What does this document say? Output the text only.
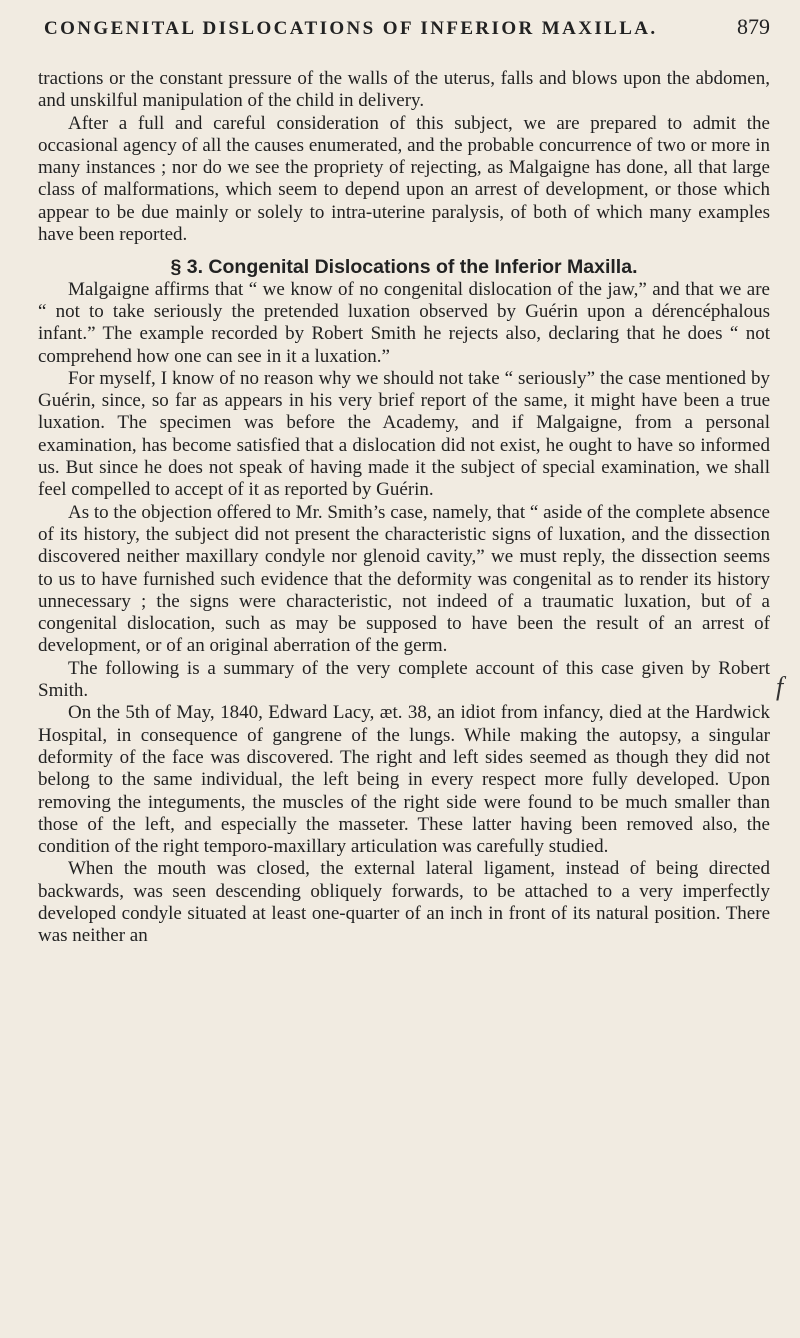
CONGENITAL DISLOCATIONS OF INFERIOR MAXILLA.	879

tractions or the constant pressure of the walls of the uterus, falls and blows upon the abdomen, and unskilful manipulation of the child in delivery.

After a full and careful consideration of this subject, we are prepared to admit the occasional agency of all the causes enumerated, and the probable concurrence of two or more in many instances ; nor do we see the propriety of rejecting, as Malgaigne has done, all that large class of malformations, which seem to depend upon an arrest of development, or those which appear to be due mainly or solely to intra-uterine paralysis, of both of which many examples have been reported.

§ 3. Congenital Dislocations of the Inferior Maxilla.

Malgaigne affirms that “ we know of no congenital dislocation of the jaw,” and that we are “ not to take seriously the pretended luxation observed by Guérin upon a dérencéphalous infant.” The example recorded by Robert Smith he rejects also, declaring that he does “ not comprehend how one can see in it a luxation.”

For myself, I know of no reason why we should not take “ seriously” the case mentioned by Guérin, since, so far as appears in his very brief report of the same, it might have been a true luxation. The specimen was before the Academy, and if Malgaigne, from a personal examination, has become satisfied that a dislocation did not exist, he ought to have so informed us. But since he does not speak of having made it the subject of special examination, we shall feel compelled to accept of it as reported by Guérin.

As to the objection offered to Mr. Smith’s case, namely, that “ aside of the complete absence of its history, the subject did not present the characteristic signs of luxation, and the dissection discovered neither maxillary condyle nor glenoid cavity,” we must reply, the dissection seems to us to have furnished such evidence that the deformity was congenital as to render its history unnecessary ; the signs were characteristic, not indeed of a traumatic luxation, but of a congenital dislocation, such as may be supposed to have been the result of an arrest of development, or of an original aberration of the germ.

The following is a summary of the very complete account of this case given by Robert Smith.

On the 5th of May, 1840, Edward Lacy, æt. 38, an idiot from infancy, died at the Hardwick Hospital, in consequence of gangrene of the lungs. While making the autopsy, a singular deformity of the face was discovered. The right and left sides seemed as though they did not belong to the same individual, the left being in every respect more fully developed. Upon removing the integuments, the muscles of the right side were found to be much smaller than those of the left, and especially the masseter. These latter having been removed also, the condition of the right temporo-maxillary articulation was carefully studied.

When the mouth was closed, the external lateral ligament, instead of being directed backwards, was seen descending obliquely forwards, to be attached to a very imperfectly developed condyle situated at least one-quarter of an inch in front of its natural position. There was neither an

f
